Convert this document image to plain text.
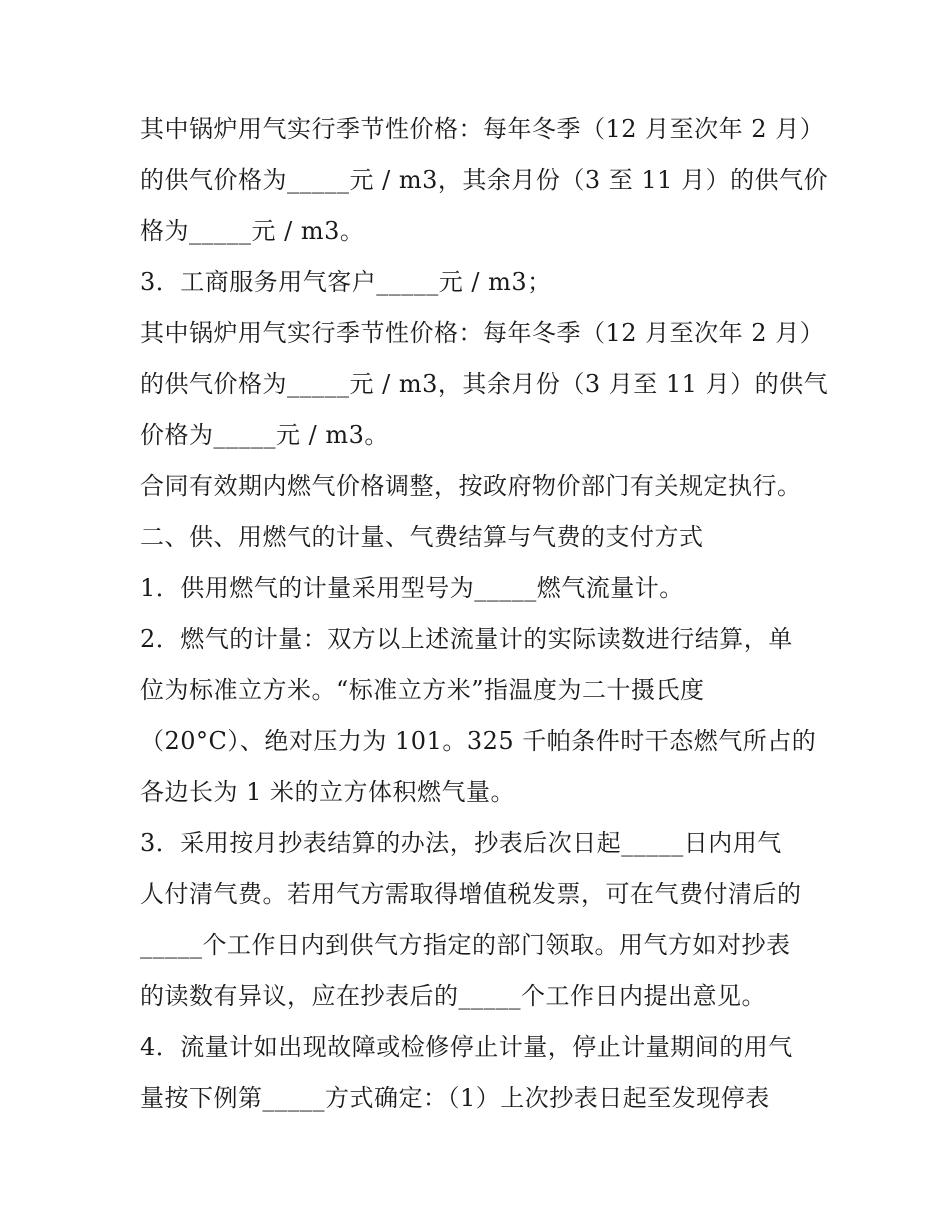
其中锅炉用气实行季节性价格：每年冬季（12 月至次年 2 月）
的供气价格为_____元 / m3，其余月份（3 至 11 月）的供气价
格为_____元 / m3。
3．工商服务用气客户_____元 / m3；
其中锅炉用气实行季节性价格：每年冬季（12 月至次年 2 月）
的供气价格为_____元 / m3，其余月份（3 月至 11 月）的供气
价格为_____元 / m3。
合同有效期内燃气价格调整，按政府物价部门有关规定执行。
二、供、用燃气的计量、气费结算与气费的支付方式
1．供用燃气的计量采用型号为_____燃气流量计。
2．燃气的计量：双方以上述流量计的实际读数进行结算，单
位为标准立方米。“标准立方米”指温度为二十摄氏度
（20°C）、绝对压力为 101。325 千帕条件时干态燃气所占的
各边长为 1 米的立方体积燃气量。
3．采用按月抄表结算的办法，抄表后次日起_____日内用气
人付清气费。若用气方需取得增值税发票，可在气费付清后的
_____个工作日内到供气方指定的部门领取。用气方如对抄表
的读数有异议，应在抄表后的_____个工作日内提出意见。
4．流量计如出现故障或检修停止计量，停止计量期间的用气
量按下例第_____方式确定：（1）上次抄表日起至发现停表
